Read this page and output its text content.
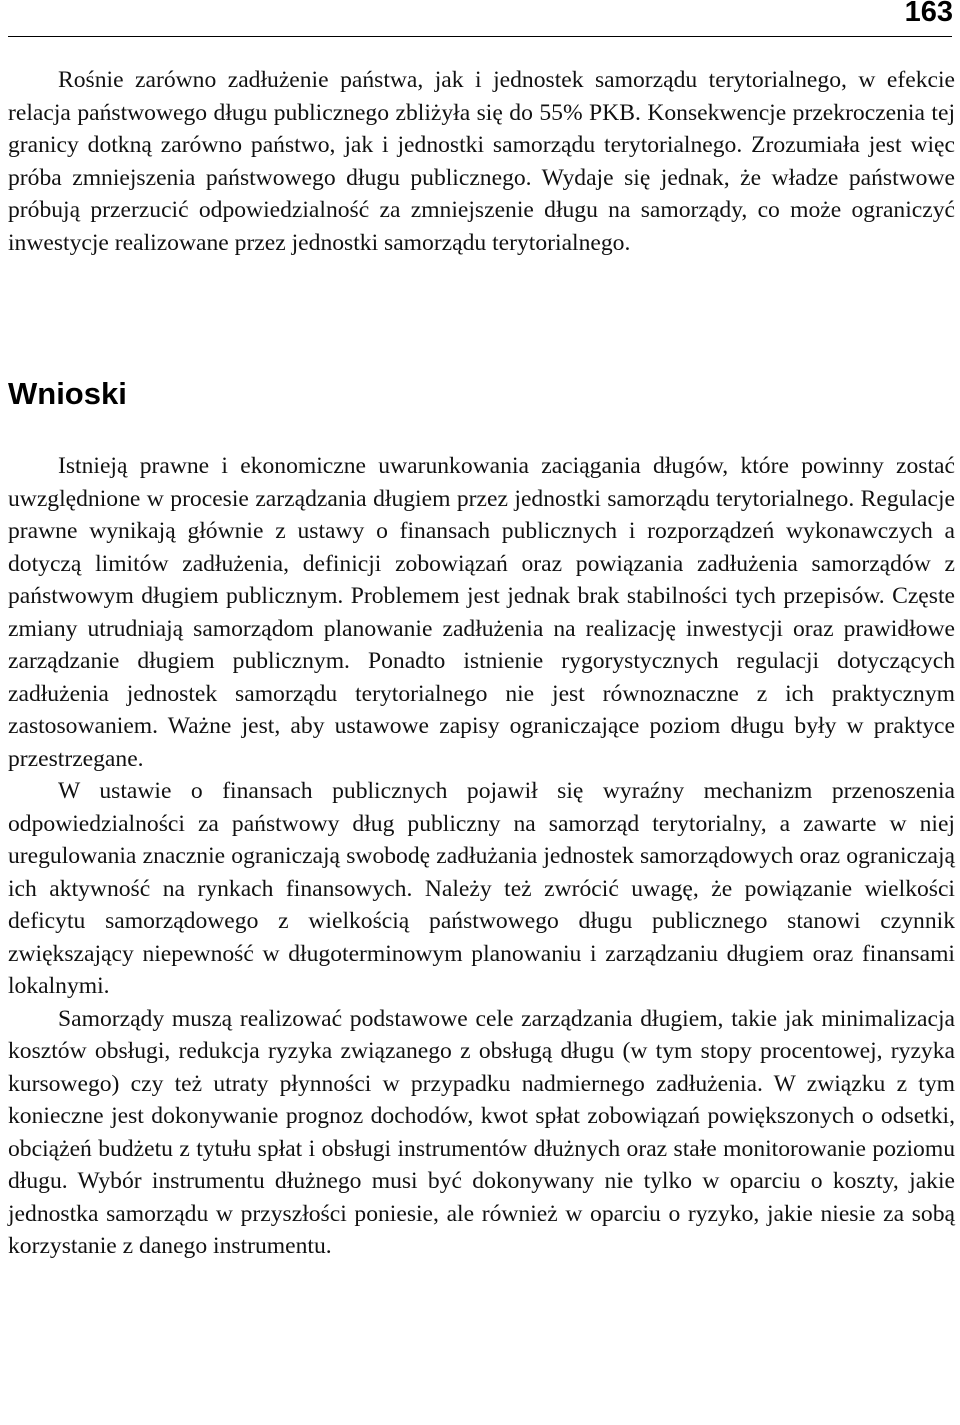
163

Rośnie zarówno zadłużenie państwa, jak i jednostek samorządu terytorialnego, w efekcie relacja państwowego długu publicznego zbliżyła się do 55% PKB. Konsekwencje przekroczenia tej granicy dotkną zarówno państwo, jak i jednostki samorządu terytorialnego. Zrozumiała jest więc próba zmniejszenia państwowego długu publicznego. Wydaje się jednak, że władze państwowe próbują przerzucić odpowiedzialność za zmniejszenie długu na samorządy, co może ograniczyć inwestycje realizowane przez jednostki samorządu terytorialnego.

Wnioski

Istnieją prawne i ekonomiczne uwarunkowania zaciągania długów, które powinny zostać uwzględnione w procesie zarządzania długiem przez jednostki samorządu terytorialnego. Regulacje prawne wynikają głównie z ustawy o finansach publicznych i rozporządzeń wykonawczych a dotyczą limitów zadłużenia, definicji zobowiązań oraz powiązania zadłużenia samorządów z państwowym długiem publicznym. Problemem jest jednak brak stabilności tych przepisów. Częste zmiany utrudniają samorządom planowanie zadłużenia na realizację inwestycji oraz prawidłowe zarządzanie długiem publicznym. Ponadto istnienie rygorystycznych regulacji dotyczących zadłużenia jednostek samorządu terytorialnego nie jest równoznaczne z ich praktycznym zastosowaniem. Ważne jest, aby ustawowe zapisy ograniczające poziom długu były w praktyce przestrzegane.

W ustawie o finansach publicznych pojawił się wyraźny mechanizm przenoszenia odpowiedzialności za państwowy dług publiczny na samorząd terytorialny, a zawarte w niej uregulowania znacznie ograniczają swobodę zadłużania jednostek samorządowych oraz ograniczają ich aktywność na rynkach finansowych. Należy też zwrócić uwagę, że powiązanie wielkości deficytu samorządowego z wielkością państwowego długu publicznego stanowi czynnik zwiększający niepewność w długoterminowym planowaniu i zarządzaniu długiem oraz finansami lokalnymi.

Samorządy muszą realizować podstawowe cele zarządzania długiem, takie jak minimalizacja kosztów obsługi, redukcja ryzyka związanego z obsługą długu (w tym stopy procentowej, ryzyka kursowego) czy też utraty płynności w przypadku nadmiernego zadłużenia. W związku z tym konieczne jest dokonywanie prognoz dochodów, kwot spłat zobowiązań powiększonych o odsetki, obciążeń budżetu z tytułu spłat i obsługi instrumentów dłużnych oraz stałe monitorowanie poziomu długu. Wybór instrumentu dłużnego musi być dokonywany nie tylko w oparciu o koszty, jakie jednostka samorządu w przyszłości poniesie, ale również w oparciu o ryzyko, jakie niesie za sobą korzystanie z danego instrumentu.
